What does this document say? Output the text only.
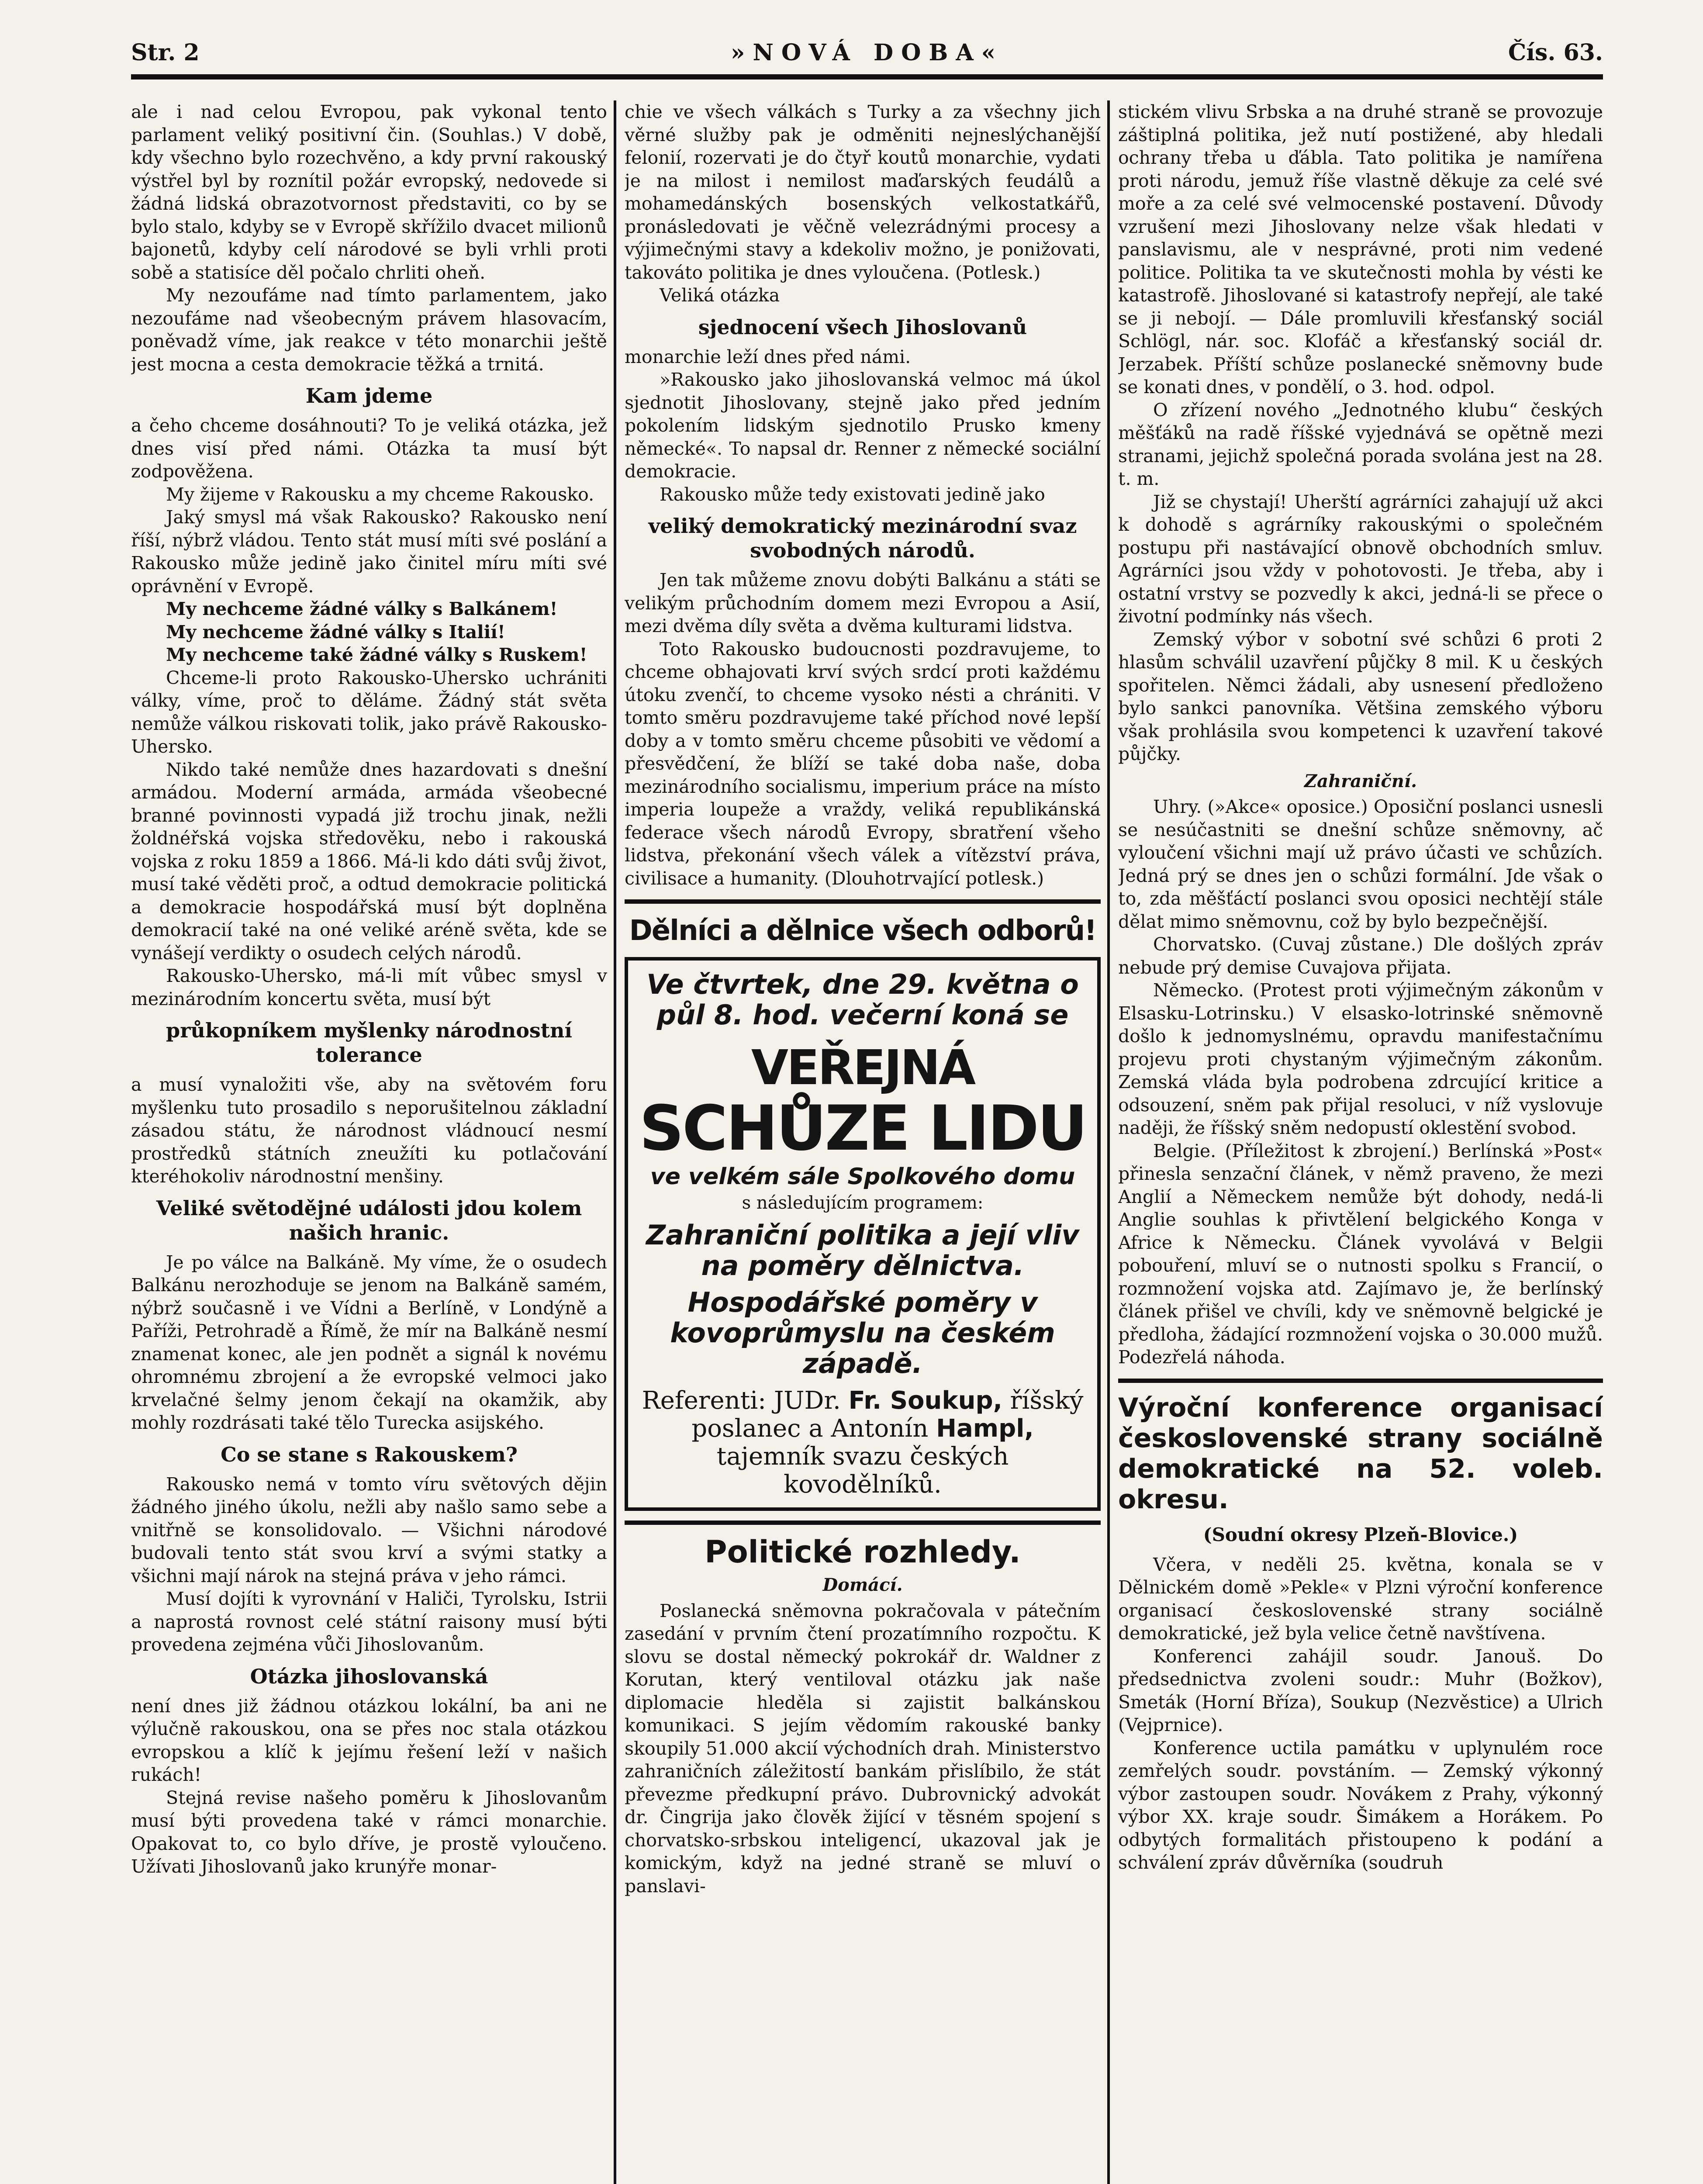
Str. 2	»NOVÁ DOBA«	Čís. 63.

ale i nad celou Evropou, pak vykonal tento parlament veliký positivní čin. (Souhlas.) V době, kdy všechno bylo rozechvěno, a kdy první rakouský výstřel byl by roznítil požár evropský, nedovede si žádná lidská obrazotvornost představiti, co by se bylo stalo, kdyby se v Evropě skřížilo dvacet milionů bajonetů, kdyby celí národové se byli vrhli proti sobě a statisíce děl počalo chrliti oheň.

My nezoufáme nad tímto parlamentem, jako nezoufáme nad všeobecným právem hlasovacím, poněvadž víme, jak reakce v této monarchii ještě jest mocna a cesta demokracie těžká a trnitá.

Kam jdeme

a čeho chceme dosáhnouti? To je veliká otázka, jež dnes visí před námi. Otázka ta musí být zodpověžena.

My žijeme v Rakousku a my chceme Rakousko.

Jaký smysl má však Rakousko? Rakousko není říší, nýbrž vládou. Tento stát musí míti své poslání a Rakousko může jedině jako činitel míru míti své oprávnění v Evropě.

My nechceme žádné války s Balkánem!

My nechceme žádné války s Italií!

My nechceme také žádné války s Ruskem!

Chceme-li proto Rakousko-Uhersko uchrániti války, víme, proč to děláme. Žádný stát světa nemůže válkou riskovati tolik, jako právě Rakousko-Uhersko.

Nikdo také nemůže dnes hazardovati s dnešní armádou. Moderní armáda, armáda všeobecné branné povinnosti vypadá již trochu jinak, nežli žoldnéřská vojska středověku, nebo i rakouská vojska z roku 1859 a 1866. Má-li kdo dáti svůj život, musí také věděti proč, a odtud demokracie politická a demokracie hospodářská musí být doplněna demokracií také na oné veliké aréně světa, kde se vynášejí verdikty o osudech celých národů.

Rakousko-Uhersko, má-li mít vůbec smysl v mezinárodním koncertu světa, musí být

průkopníkem myšlenky národnostní tolerance

a musí vynaložiti vše, aby na světovém foru myšlenku tuto prosadilo s neporušitelnou základní zásadou státu, že národnost vládnoucí nesmí prostředků státních zneužíti ku potlačování kteréhokoliv národnostní menšiny.

Veliké světodějné události jdou kolem našich hranic.

Je po válce na Balkáně. My víme, že o osudech Balkánu nerozhoduje se jenom na Balkáně samém, nýbrž současně i ve Vídni a Berlíně, v Londýně a Paříži, Petrohradě a Římě, že mír na Balkáně nesmí znamenat konec, ale jen podnět a signál k novému ohromnému zbrojení a že evropské velmoci jako krvelačné šelmy jenom čekají na okamžik, aby mohly rozdrásati také tělo Turecka asijského.

Co se stane s Rakouskem?

Rakousko nemá v tomto víru světových dějin žádného jiného úkolu, nežli aby našlo samo sebe a vnitřně se konsolidovalo. — Všichni národové budovali tento stát svou krví a svými statky a všichni mají nárok na stejná práva v jeho rámci.

Musí dojíti k vyrovnání v Haliči, Tyrolsku, Istrii a naprostá rovnost celé státní raisony musí býti provedena zejména vůči Jihoslovanům.

Otázka jihoslovanská

není dnes již žádnou otázkou lokální, ba ani ne výlučně rakouskou, ona se přes noc stala otázkou evropskou a klíč k jejímu řešení leží v našich rukách!

Stejná revise našeho poměru k Jihoslovanům musí býti provedena také v rámci monarchie. Opakovat to, co bylo dříve, je prostě vyloučeno. Užívati Jihoslovanů jako krunýře monar-

chie ve všech válkách s Turky a za všechny jich věrné služby pak je odměniti nejneslýchanější felonií, rozervati je do čtyř koutů monarchie, vydati je na milost i nemilost maďarských feudálů a mohamedánských bosenských velkostatkářů, pronásledovati je věčně velezrádnými procesy a výjimečnými stavy a kdekoliv možno, je ponižovati, takováto politika je dnes vyloučena. (Potlesk.)

Veliká otázka

sjednocení všech Jihoslovanů

monarchie leží dnes před námi.

»Rakousko jako jihoslovanská velmoc má úkol sjednotit Jihoslovany, stejně jako před jedním pokolením lidským sjednotilo Prusko kmeny německé«. To napsal dr. Renner z německé sociální demokracie.

Rakousko může tedy existovati jedině jako

veliký demokratický mezinárodní svaz svobodných národů.

Jen tak můžeme znovu dobýti Balkánu a státi se velikým průchodním domem mezi Evropou a Asií, mezi dvěma díly světa a dvěma kulturami lidstva.

Toto Rakousko budoucnosti pozdravujeme, to chceme obhajovati krví svých srdcí proti každému útoku zvenčí, to chceme vysoko nésti a chrániti. V tomto směru pozdravujeme také příchod nové lepší doby a v tomto směru chceme působiti ve vědomí a přesvědčení, že blíží se také doba naše, doba mezinárodního socialismu, imperium práce na místo imperia loupeže a vraždy, veliká republikánská federace všech národů Evropy, sbratření všeho lidstva, překonání všech válek a vítězství práva, civilisace a humanity. (Dlouhotrvající potlesk.)

Dělníci a dělnice všech odborů!
Ve čtvrtek, dne 29. května o půl 8. hod. večerní koná se
VEŘEJNÁ
SCHŮZE LIDU
ve velkém sále Spolkového domu
s následujícím programem:
Zahraniční politika a její vliv na poměry dělnictva.
Hospodářské poměry v kovoprůmyslu na českém západě.
Referenti: JUDr. Fr. Soukup, říšský poslanec a Antonín Hampl, tajemník svazu českých kovodělníků.
Politické rozhledy.
Domácí.

Poslanecká sněmovna pokračovala v pátečním zasedání v prvním čtení prozatímního rozpočtu. K slovu se dostal německý pokrokář dr. Waldner z Korutan, který ventiloval otázku jak naše diplomacie hleděla si zajistit balkánskou komunikaci. S jejím vědomím rakouské banky skoupily 51.000 akcií východních drah. Ministerstvo zahraničních záležitostí bankám přislíbilo, že stát převezme předkupní právo. Dubrovnický advokát dr. Čingrija jako člověk žijící v těsném spojení s chorvatsko-srbskou inteligencí, ukazoval jak je komickým, když na jedné straně se mluví o panslavi-

stickém vlivu Srbska a na druhé straně se provozuje záštiplná politika, jež nutí postižené, aby hledali ochrany třeba u ďábla. Tato politika je namířena proti národu, jemuž říše vlastně děkuje za celé své moře a za celé své velmocenské postavení. Důvody vzrušení mezi Jihoslovany nelze však hledati v panslavismu, ale v nesprávné, proti nim vedené politice. Politika ta ve skutečnosti mohla by vésti ke katastrofě. Jihoslované si katastrofy nepřejí, ale také se ji nebojí. — Dále promluvili křesťanský sociál Schlögl, nár. soc. Klofáč a křesťanský sociál dr. Jerzabek. Příští schůze poslanecké sněmovny bude se konati dnes, v pondělí, o 3. hod. odpol.

O zřízení nového „Jednotného klubu“ českých měšťáků na radě říšské vyjednává se opětně mezi stranami, jejichž společná porada svolána jest na 28. t. m.

Již se chystají! Uherští agrárníci zahajují už akci k dohodě s agrárníky rakouskými o společném postupu při nastávající obnově obchodních smluv. Agrárníci jsou vždy v pohotovosti. Je třeba, aby i ostatní vrstvy se pozvedly k akci, jedná-li se přece o životní podmínky nás všech.

Zemský výbor v sobotní své schůzi 6 proti 2 hlasům schválil uzavření půjčky 8 mil. K u českých spořitelen. Němci žádali, aby usnesení předloženo bylo sankci panovníka. Většina zemského výboru však prohlásila svou kompetenci k uzavření takové půjčky.

Zahraniční.

Uhry. (»Akce« oposice.) Oposiční poslanci usnesli se nesúčastniti se dnešní schůze sněmovny, ač vyloučení všichni mají už právo účasti ve schůzích. Jedná prý se dnes jen o schůzi formální. Jde však o to, zda měšťáctí poslanci svou oposici nechtějí stále dělat mimo sněmovnu, což by bylo bezpečnější.

Chorvatsko. (Cuvaj zůstane.) Dle došlých zpráv nebude prý demise Cuvajova přijata.

Německo. (Protest proti výjimečným zákonům v Elsasku-Lotrinsku.) V elsasko-lotrinské sněmovně došlo k jednomyslnému, opravdu manifestačnímu projevu proti chystaným výjimečným zákonům. Zemská vláda byla podrobena zdrcující kritice a odsouzení, sněm pak přijal resoluci, v níž vyslovuje naději, že říšský sněm nedopustí oklestění svobod.

Belgie. (Příležitost k zbrojení.) Berlínská »Post« přinesla senzační článek, v němž praveno, že mezi Anglií a Německem nemůže být dohody, nedá-li Anglie souhlas k přivtělení belgického Konga v Africe k Německu. Článek vyvolává v Belgii pobouření, mluví se o nutnosti spolku s Francií, o rozmnožení vojska atd. Zajímavo je, že berlínský článek přišel ve chvíli, kdy ve sněmovně belgické je předloha, žádající rozmnožení vojska o 30.000 mužů. Podezřelá náhoda.

Výroční konference organisací československé strany sociálně demokratické na 52. voleb. okresu.
(Soudní okresy Plzeň-Blovice.)

Včera, v neděli 25. května, konala se v Dělnickém domě »Pekle« v Plzni výroční konference organisací československé strany sociálně demokratické, jež byla velice četně navštívena.

Konferenci zahájil soudr. Janouš. Do předsednictva zvoleni soudr.: Muhr (Božkov), Smeták (Horní Bříza), Soukup (Nezvěstice) a Ulrich (Vejprnice).

Konference uctila památku v uplynulém roce zemřelých soudr. povstáním. — Zemský výkonný výbor zastoupen soudr. Novákem z Prahy, výkonný výbor XX. kraje soudr. Šimákem a Horákem. Po odbytých formalitách přistoupeno k podání a schválení zpráv důvěrníka (soudruh
